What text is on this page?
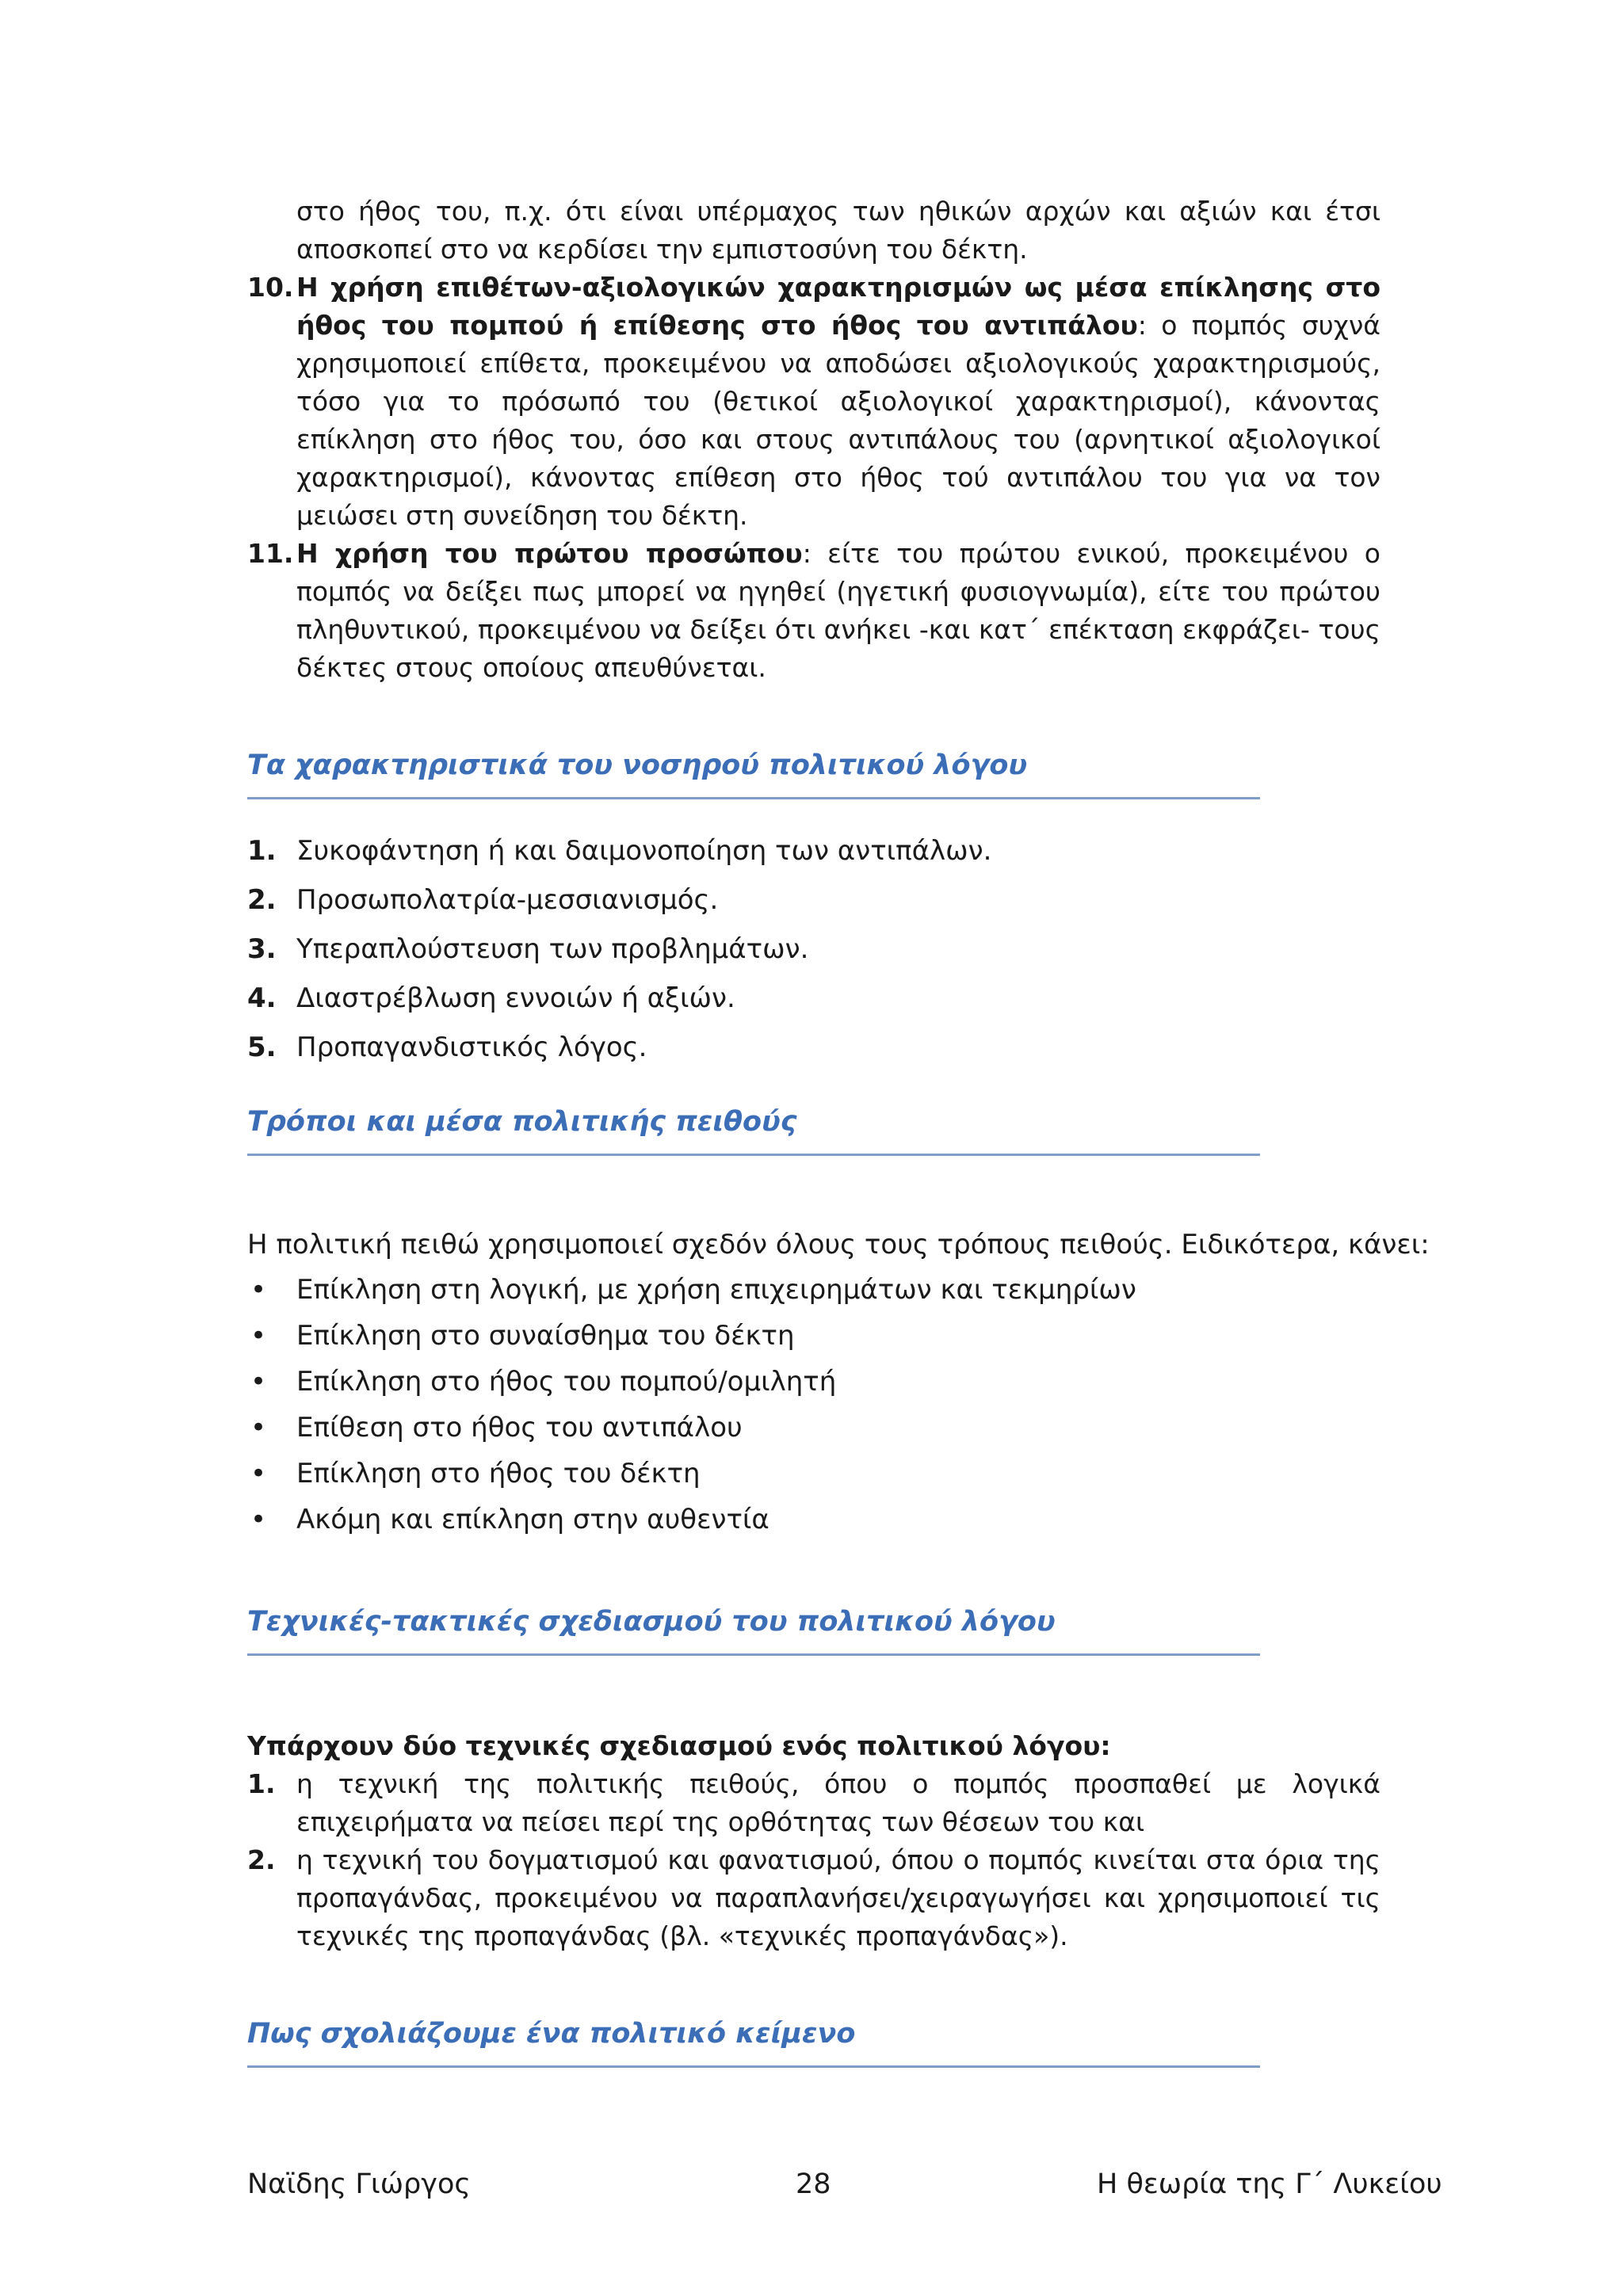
στο ήθος του, π.χ. ότι είναι υπέρμαχος των ηθικών αρχών και αξιών και έτσι αποσκοπεί στο να κερδίσει την εμπιστοσύνη του δέκτη.
10. Η χρήση επιθέτων-αξιολογικών χαρακτηρισμών ως μέσα επίκλησης στο ήθος του πομπού ή επίθεσης στο ήθος του αντιπάλου: ο πομπός συχνά χρησιμοποιεί επίθετα, προκειμένου να αποδώσει αξιολογικούς χαρακτηρισμούς, τόσο για το πρόσωπό του (θετικοί αξιολογικοί χαρακτηρισμοί), κάνοντας επίκληση στο ήθος του, όσο και στους αντιπάλους του (αρνητικοί αξιολογικοί χαρακτηρισμοί), κάνοντας επίθεση στο ήθος τού αντιπάλου του για να τον μειώσει στη συνείδηση του δέκτη.
11. Η χρήση του πρώτου προσώπου: είτε του πρώτου ενικού, προκειμένου ο πομπός να δείξει πως μπορεί να ηγηθεί (ηγετική φυσιογνωμία), είτε του πρώτου πληθυντικού, προκειμένου να δείξει ότι ανήκει -και κατ΄ επέκταση εκφράζει- τους δέκτες στους οποίους απευθύνεται.
Τα χαρακτηριστικά του νοσηρού πολιτικού λόγου
1. Συκοφάντηση ή και δαιμονοποίηση των αντιπάλων.
2. Προσωπολατρία-μεσσιανισμός.
3. Υπεραπλούστευση των προβλημάτων.
4. Διαστρέβλωση εννοιών ή αξιών.
5. Προπαγανδιστικός λόγος.
Τρόποι και μέσα πολιτικής πειθούς
Η πολιτική πειθώ χρησιμοποιεί σχεδόν όλους τους τρόπους πειθούς. Ειδικότερα, κάνει:
• Επίκληση στη λογική, με χρήση επιχειρημάτων και τεκμηρίων
• Επίκληση στο συναίσθημα του δέκτη
• Επίκληση στο ήθος του πομπού/ομιλητή
• Επίθεση στο ήθος του αντιπάλου
• Επίκληση στο ήθος του δέκτη
• Ακόμη και επίκληση στην αυθεντία
Τεχνικές-τακτικές σχεδιασμού του πολιτικού λόγου
Υπάρχουν δύο τεχνικές σχεδιασμού ενός πολιτικού λόγου:
1. η τεχνική της πολιτικής πειθούς, όπου ο πομπός προσπαθεί με λογικά επιχειρήματα να πείσει περί της ορθότητας των θέσεων του και
2. η τεχνική του δογματισμού και φανατισμού, όπου ο πομπός κινείται στα όρια της προπαγάνδας, προκειμένου να παραπλανήσει/χειραγωγήσει και χρησιμοποιεί τις τεχνικές της προπαγάνδας (βλ. «τεχνικές προπαγάνδας»).
Πως σχολιάζουμε ένα πολιτικό κείμενο
Ναϊδης Γιώργος	28	Η θεωρία της Γ΄ Λυκείου
